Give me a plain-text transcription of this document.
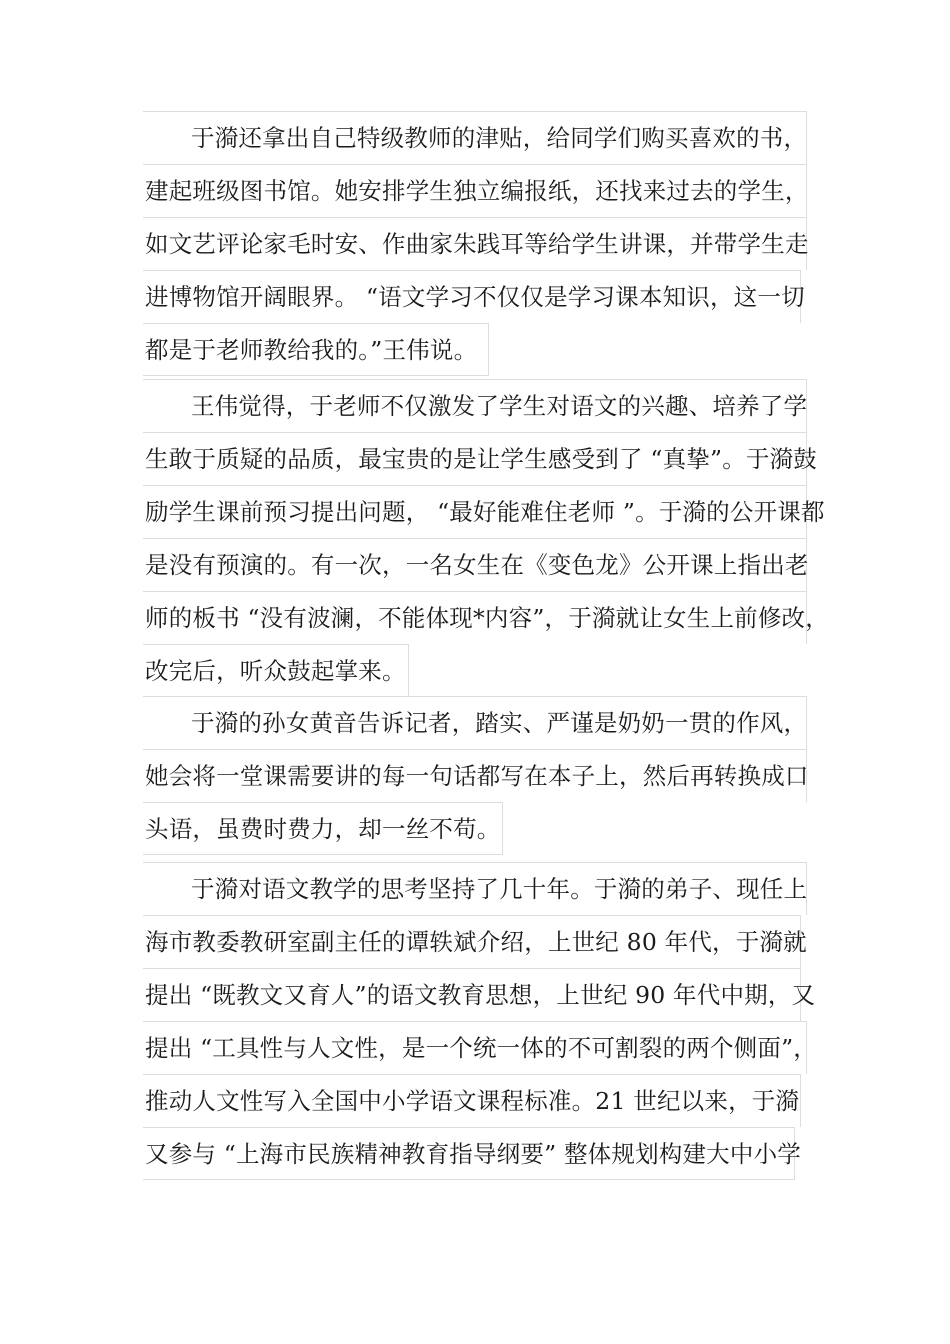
于漪还拿出自己特级教师的津贴，给同学们购买喜欢的书，
建起班级图书馆。她安排学生独立编报纸，还找来过去的学生，
如文艺评论家毛时安、作曲家朱践耳等给学生讲课，并带学生走
进博物馆开阔眼界。 “语文学习不仅仅是学习课本知识，这一切
都是于老师教给我的。”王伟说。
王伟觉得，于老师不仅激发了学生对语文的兴趣、培养了学
生敢于质疑的品质，最宝贵的是让学生感受到了 “真挚”。于漪鼓
励学生课前预习提出问题， “最好能难住老师 ”。于漪的公开课都
是没有预演的。有一次，一名女生在《变色龙》公开课上指出老
师的板书 “没有波澜，不能体现*内容”，于漪就让女生上前修改，
改完后，听众鼓起掌来。
于漪的孙女黄音告诉记者，踏实、严谨是奶奶一贯的作风，
她会将一堂课需要讲的每一句话都写在本子上，然后再转换成口
头语，虽费时费力，却一丝不苟。
于漪对语文教学的思考坚持了几十年。于漪的弟子、现任上
海市教委教研室副主任的谭轶斌介绍，上世纪 80 年代，于漪就
提出 “既教文又育人”的语文教育思想，上世纪 90 年代中期，又
提出 “工具性与人文性，是一个统一体的不可割裂的两个侧面”，
推动人文性写入全国中小学语文课程标准。21 世纪以来，于漪
又参与 “上海市民族精神教育指导纲要” 整体规划构建大中小学
